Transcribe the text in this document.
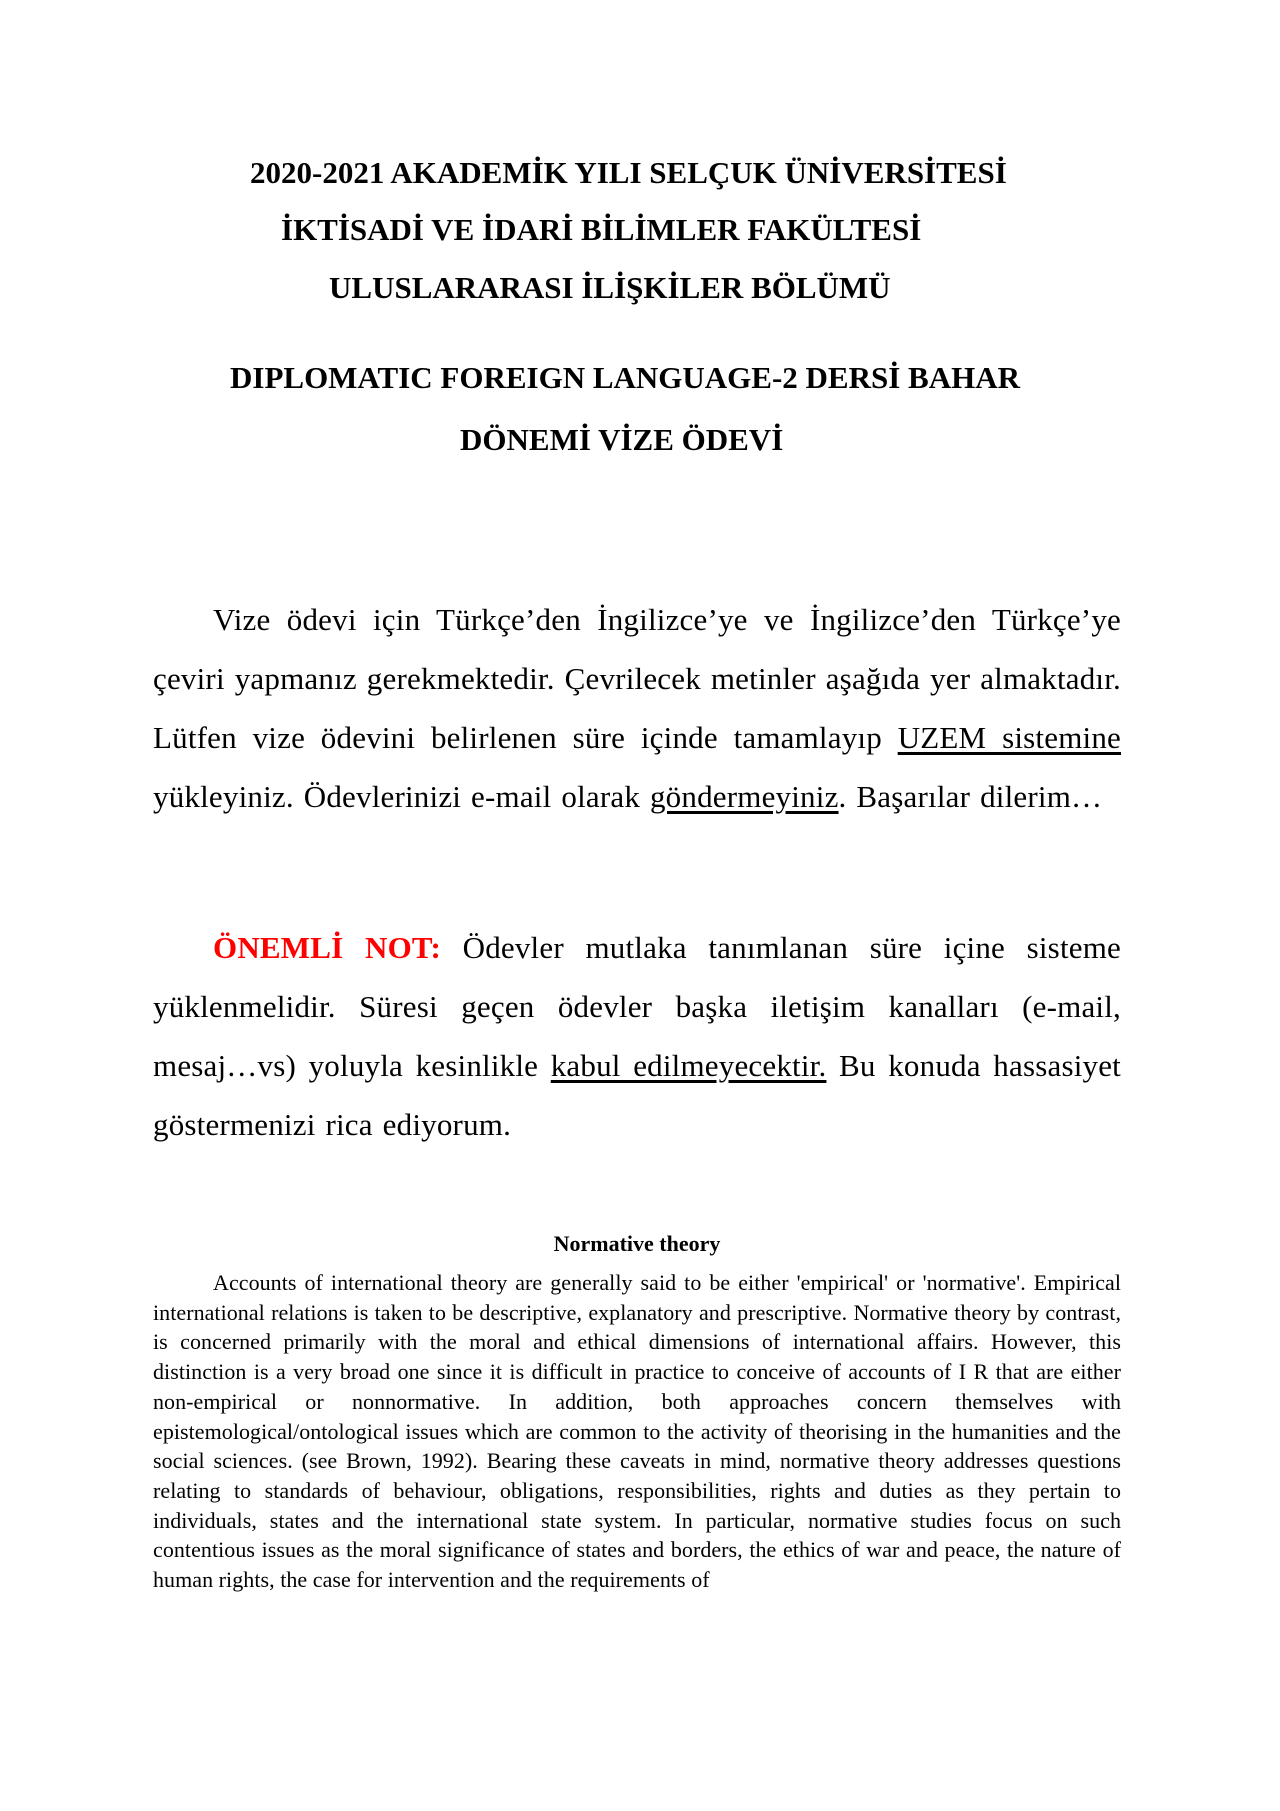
2020-2021 AKADEMİK YILI SELÇUK ÜNİVERSİTESİ
İKTİSADİ VE İDARİ BİLİMLER FAKÜLTESİ
ULUSLARARASI İLİŞKİLER BÖLÜMÜ
DIPLOMATIC FOREIGN LANGUAGE-2 DERSİ BAHAR
DÖNEMİ VİZE ÖDEVİ

Vize ödevi için Türkçe’den İngilizce’ye ve İngilizce’den Türkçe’ye çeviri yapmanız gerekmektedir. Çevrilecek metinler aşağıda yer almaktadır. Lütfen vize ödevini belirlenen süre içinde tamamlayıp UZEM sistemine yükleyiniz. Ödevlerinizi e-mail olarak göndermeyiniz. Başarılar dilerim…

ÖNEMLİ NOT: Ödevler mutlaka tanımlanan süre içine sisteme yüklenmelidir. Süresi geçen ödevler başka iletişim kanalları (e-mail, mesaj…vs) yoluyla kesinlikle kabul edilmeyecektir. Bu konuda hassasiyet göstermenizi rica ediyorum.

Normative theory

Accounts of international theory are generally said to be either 'empirical' or 'normative'. Empirical international relations is taken to be descriptive, explanatory and prescriptive. Normative theory by contrast, is concerned primarily with the moral and ethical dimensions of international affairs. However, this distinction is a very broad one since it is difficult in practice to conceive of accounts of I R that are either non-empirical or nonnormative. In addition, both approaches concern themselves with epistemological/ontological issues which are common to the activity of theorising in the humanities and the social sciences. (see Brown, 1992). Bearing these caveats in mind, normative theory addresses questions relating to standards of behaviour, obligations, responsibilities, rights and duties as they pertain to individuals, states and the international state system. In particular, normative studies focus on such contentious issues as the moral significance of states and borders, the ethics of war and peace, the nature of human rights, the case for intervention and the requirements of
